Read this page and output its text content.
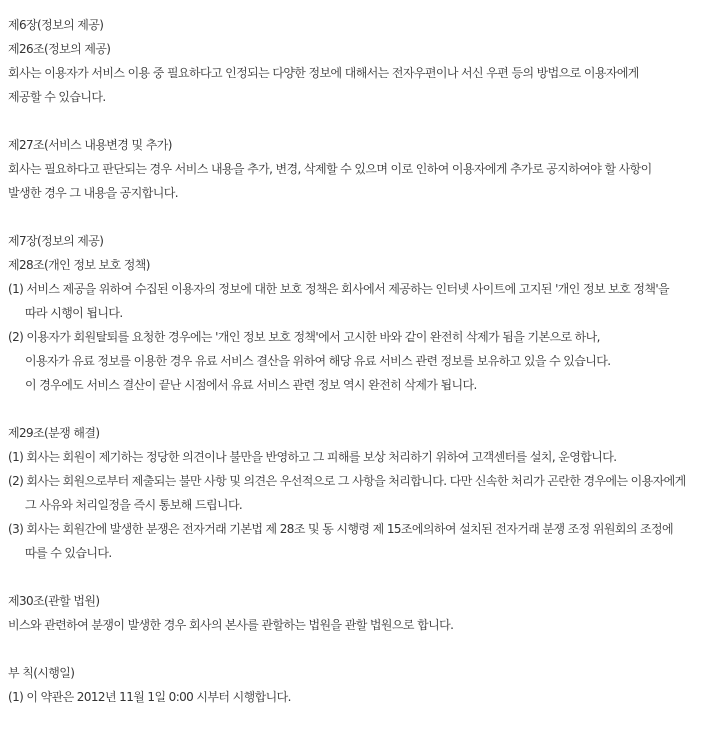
제6장(정보의 제공)
제26조(정보의 제공)
회사는 이용자가 서비스 이용 중 필요하다고 인정되는 다양한 정보에 대해서는 전자우편이나 서신 우편 등의 방법으로 이용자에게
제공할 수 있습니다.
제27조(서비스 내용변경 및 추가)
회사는 필요하다고 판단되는 경우 서비스 내용을 추가, 변경, 삭제할 수 있으며 이로 인하여 이용자에게 추가로 공지하여야 할 사항이
발생한 경우 그 내용을 공지합니다.
제7장(정보의 제공)
제28조(개인 정보 보호 정책)
(1) 서비스 제공을 위하여 수집된 이용자의 정보에 대한 보호 정책은 회사에서 제공하는 인터넷 사이트에 고지된 '개인 정보 보호 정책'을
따라 시행이 됩니다.
(2) 이용자가 회원탈퇴를 요청한 경우에는 '개인 정보 보호 정책'에서 고시한 바와 같이 완전히 삭제가 됨을 기본으로 하나,
이용자가 유료 정보를 이용한 경우 유료 서비스 결산을 위하여 해당 유료 서비스 관련 정보를 보유하고 있을 수 있습니다.
이 경우에도 서비스 결산이 끝난 시점에서 유료 서비스 관련 정보 역시 완전히 삭제가 됩니다.
제29조(분쟁 해결)
(1) 회사는 회원이 제기하는 정당한 의견이나 불만을 반영하고 그 피해를 보상 처리하기 위하여 고객센터를 설치, 운영합니다.
(2) 회사는 회원으로부터 제출되는 불만 사항 및 의견은 우선적으로 그 사항을 처리합니다. 다만 신속한 처리가 곤란한 경우에는 이용자에게
그 사유와 처리일정을 즉시 통보해 드립니다.
(3) 회사는 회원간에 발생한 분쟁은 전자거래 기본법 제 28조 및 동 시행령 제 15조에의하여 설치된 전자거래 분쟁 조정 위원회의 조정에
따를 수 있습니다.
제30조(관할 법원)
비스와 관련하여 분쟁이 발생한 경우 회사의 본사를 관할하는 법원을 관할 법원으로 합니다.
부 칙(시행일)
(1) 이 약관은 2012년 11월 1일 0:00 시부터 시행합니다.
